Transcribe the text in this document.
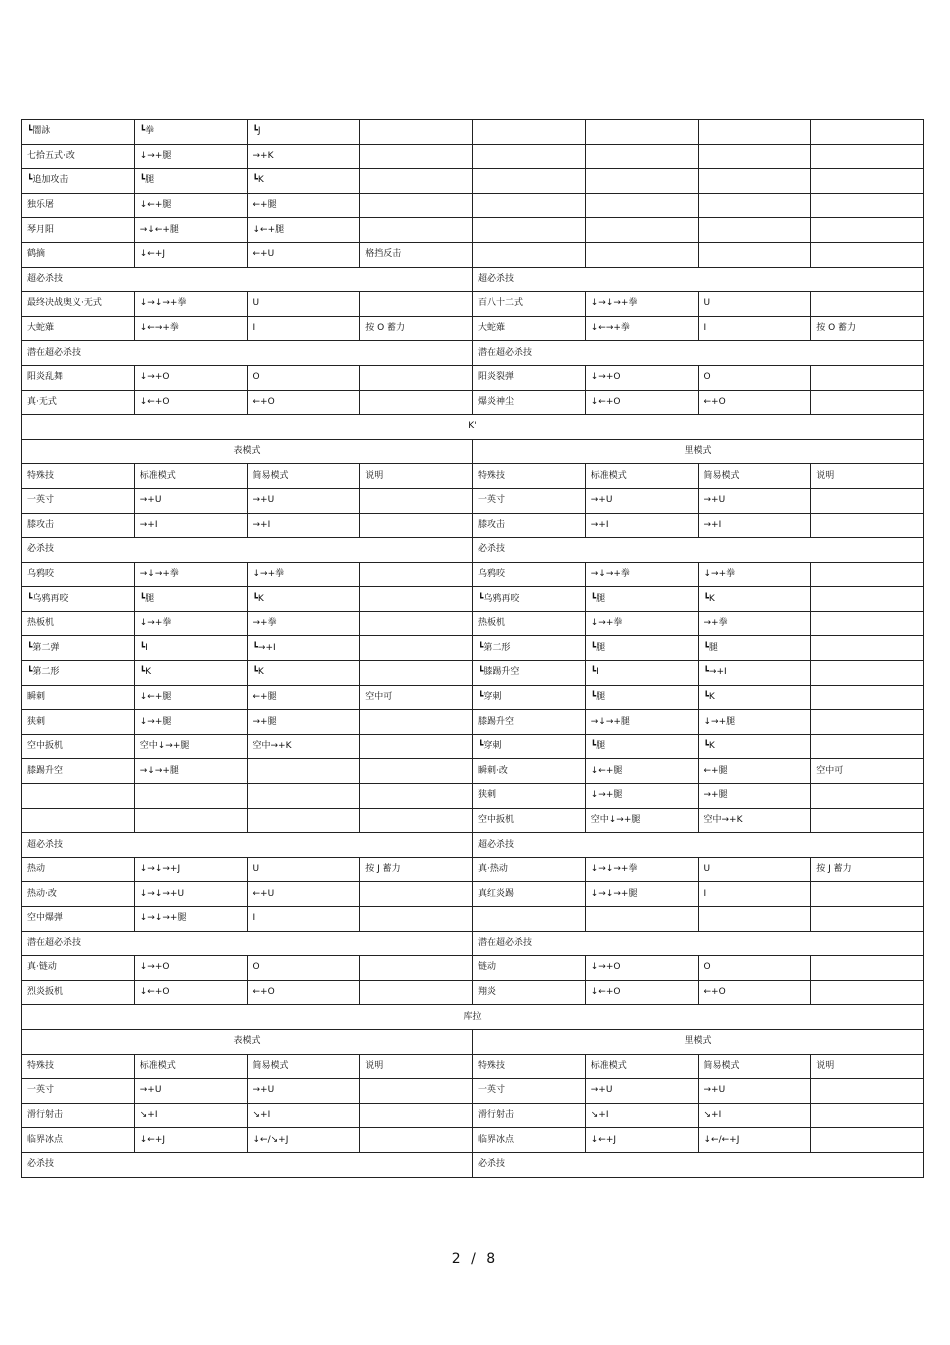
┗闇詠	┗拳	┗J					
七拾五式·改	↓→+腿	→+K					
┗追加攻击	┗腿	┗K					
独乐屠	↓←+腿	←+腿					
琴月阳	→↓←+腿	↓←+腿					
鹤摘	↓←+J	←+U	格挡反击				
超必杀技				超必杀技			
最终决战奥义·无式	↓→↓→+拳	U		百八十二式	↓→↓→+拳	U	
大蛇薙	↓←→+拳	I	按 O 蓄力	大蛇薙	↓←→+拳	I	按 O 蓄力
潜在超必杀技				潜在超必杀技			
阳炎乱舞	↓→+O	O		阳炎裂弹	↓→+O	O	
真·无式	↓←+O	←+O		爆炎神尘	↓←+O	←+O	
K'							
表模式				里模式			
特殊技	标准模式	简易模式	说明	特殊技	标准模式	简易模式	说明
一英寸	→+U	→+U		一英寸	→+U	→+U	
膝攻击	→+I	→+I		膝攻击	→+I	→+I	
必杀技				必杀技			
乌鸦咬	→↓→+拳	↓→+拳		乌鸦咬	→↓→+拳	↓→+拳	
┗乌鸦再咬	┗腿	┗K		┗乌鸦再咬	┗腿	┗K	
热板机	↓→+拳	→+拳		热板机	↓→+拳	→+拳	
┗第二弹	┗I	┗→+I		┗第二形	┗腿	┗腿	
┗第二形	┗K	┗K		┗膝踢升空	┗I	┗→+I	
瞬刺	↓←+腿	←+腿	空中可	┗穿刺	┗腿	┗K	
狭刺	↓→+腿	→+腿		膝踢升空	→↓→+腿	↓→+腿	
空中扳机	空中↓→+腿	空中→+K		┗穿刺	┗腿	┗K	
膝踢升空	→↓→+腿			瞬刺·改	↓←+腿	←+腿	空中可
				狭刺	↓→+腿	→+腿	
				空中扳机	空中↓→+腿	空中→+K	
超必杀技				超必杀技			
热动	↓→↓→+J	U	按 J 蓄力	真·热动	↓→↓→+拳	U	按 J 蓄力
热动·改	↓→↓→+U	←+U		真红炎踢	↓→↓→+腿	I	
空中爆弹	↓→↓→+腿	I					
潜在超必杀技				潜在超必杀技			
真·链动	↓→+O	O		链动	↓→+O	O	
烈炎扳机	↓←+O	←+O		翔炎	↓←+O	←+O	
库拉							
表模式				里模式			
特殊技	标准模式	简易模式	说明	特殊技	标准模式	简易模式	说明
一英寸	→+U	→+U		一英寸	→+U	→+U	
滑行射击	↘+I	↘+I		滑行射击	↘+I	↘+I	
临界冰点	↓←+J	↓←/↘+J		临界冰点	↓←+J	↓←/←+J	
必杀技				必杀技			
2 / 8
